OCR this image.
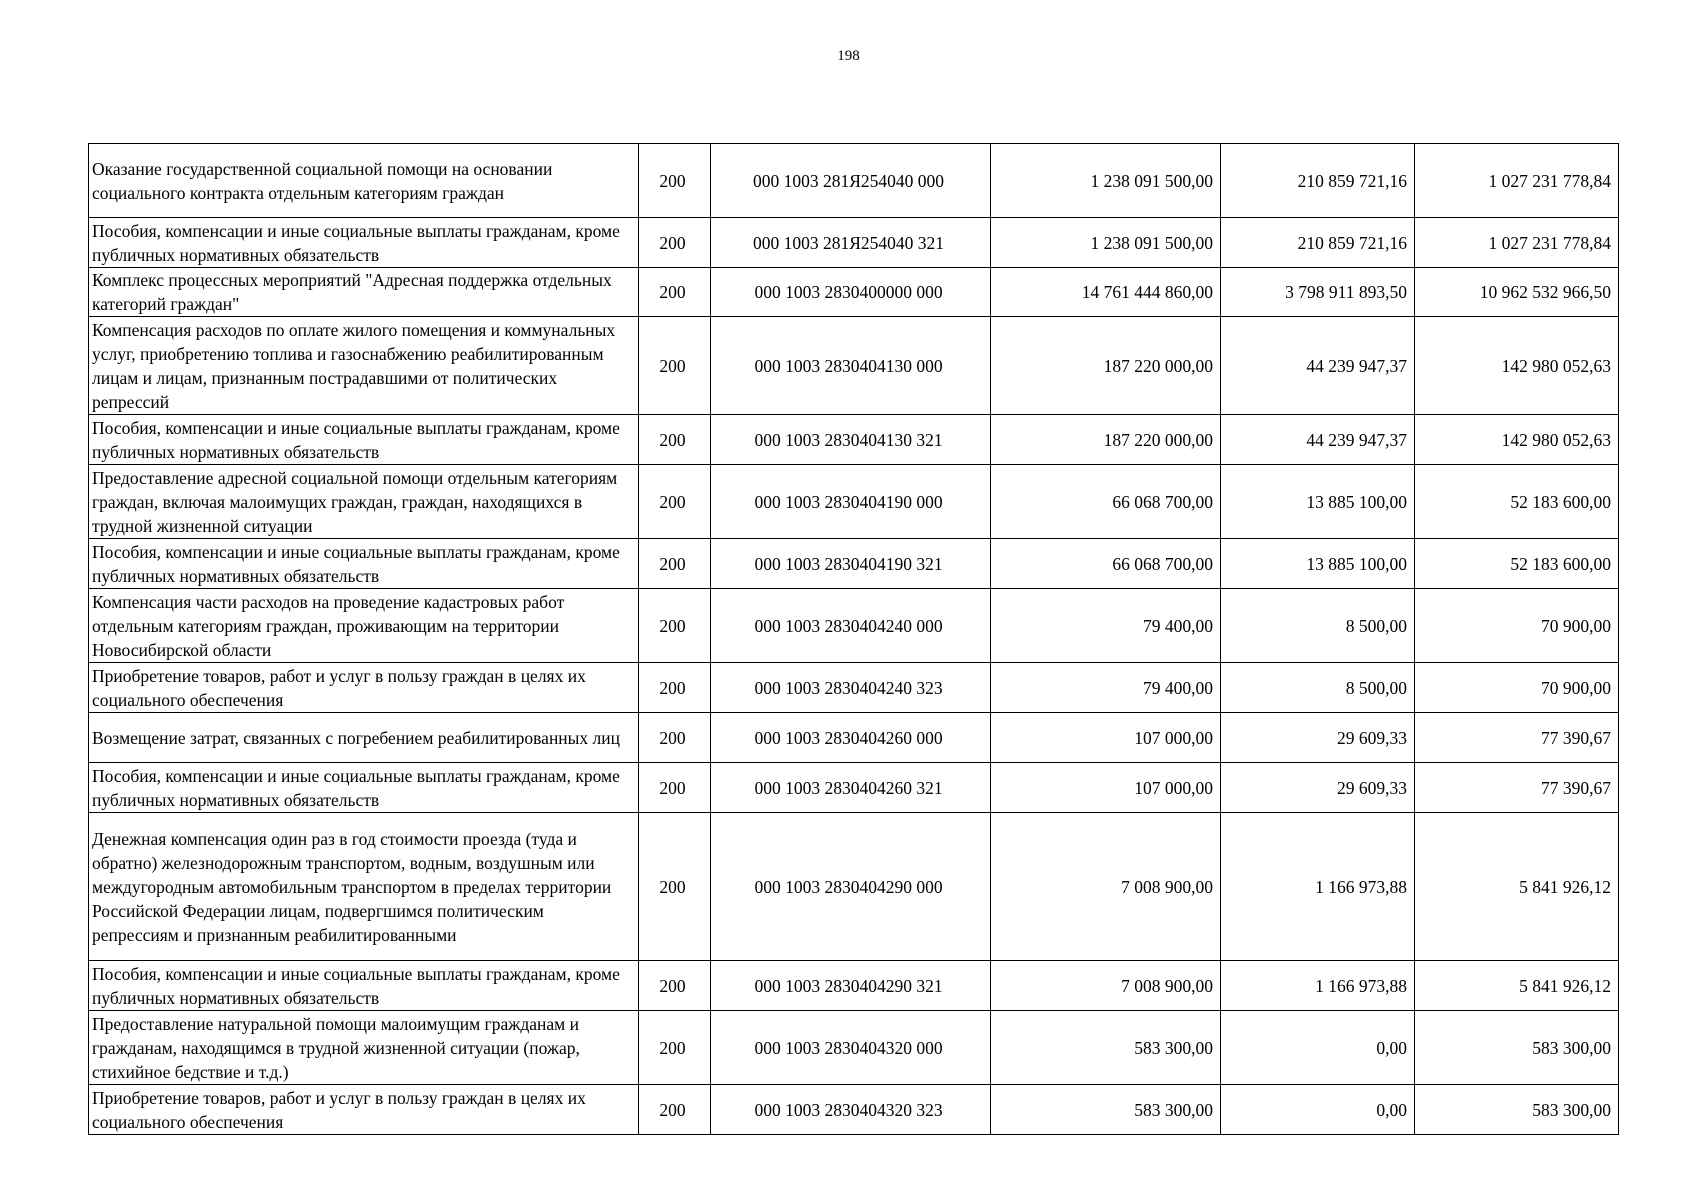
198
Оказание государственной социальной помощи на основании социального контракта отдельным категориям граждан	200	000 1003 281Я254040 000	1 238 091 500,00	210 859 721,16	1 027 231 778,84
Пособия, компенсации и иные социальные выплаты гражданам, кроме публичных нормативных обязательств	200	000 1003 281Я254040 321	1 238 091 500,00	210 859 721,16	1 027 231 778,84
Комплекс процессных мероприятий "Адресная поддержка отдельных категорий граждан"	200	000 1003 2830400000 000	14 761 444 860,00	3 798 911 893,50	10 962 532 966,50
Компенсация расходов по оплате жилого помещения и коммунальных услуг, приобретению топлива и газоснабжению реабилитированным лицам и лицам, признанным пострадавшими от политических репрессий	200	000 1003 2830404130 000	187 220 000,00	44 239 947,37	142 980 052,63
Пособия, компенсации и иные социальные выплаты гражданам, кроме публичных нормативных обязательств	200	000 1003 2830404130 321	187 220 000,00	44 239 947,37	142 980 052,63
Предоставление адресной социальной помощи отдельным категориям граждан, включая малоимущих граждан, граждан, находящихся в трудной жизненной ситуации	200	000 1003 2830404190 000	66 068 700,00	13 885 100,00	52 183 600,00
Пособия, компенсации и иные социальные выплаты гражданам, кроме публичных нормативных обязательств	200	000 1003 2830404190 321	66 068 700,00	13 885 100,00	52 183 600,00
Компенсация части расходов на проведение кадастровых работ отдельным категориям граждан, проживающим на территории Новосибирской области	200	000 1003 2830404240 000	79 400,00	8 500,00	70 900,00
Приобретение товаров, работ и услуг в пользу граждан в целях их социального обеспечения	200	000 1003 2830404240 323	79 400,00	8 500,00	70 900,00
Возмещение затрат, связанных с погребением реабилитированных лиц	200	000 1003 2830404260 000	107 000,00	29 609,33	77 390,67
Пособия, компенсации и иные социальные выплаты гражданам, кроме публичных нормативных обязательств	200	000 1003 2830404260 321	107 000,00	29 609,33	77 390,67
Денежная компенсация один раз в год стоимости проезда (туда и обратно) железнодорожным транспортом, водным, воздушным или междугородным автомобильным транспортом в пределах территории Российской Федерации лицам, подвергшимся политическим репрессиям и признанным реабилитированными	200	000 1003 2830404290 000	7 008 900,00	1 166 973,88	5 841 926,12
Пособия, компенсации и иные социальные выплаты гражданам, кроме публичных нормативных обязательств	200	000 1003 2830404290 321	7 008 900,00	1 166 973,88	5 841 926,12
Предоставление натуральной помощи малоимущим гражданам и гражданам, находящимся в трудной жизненной ситуации (пожар, стихийное бедствие и т.д.)	200	000 1003 2830404320 000	583 300,00	0,00	583 300,00
Приобретение товаров, работ и услуг в пользу граждан в целях их социального обеспечения	200	000 1003 2830404320 323	583 300,00	0,00	583 300,00
